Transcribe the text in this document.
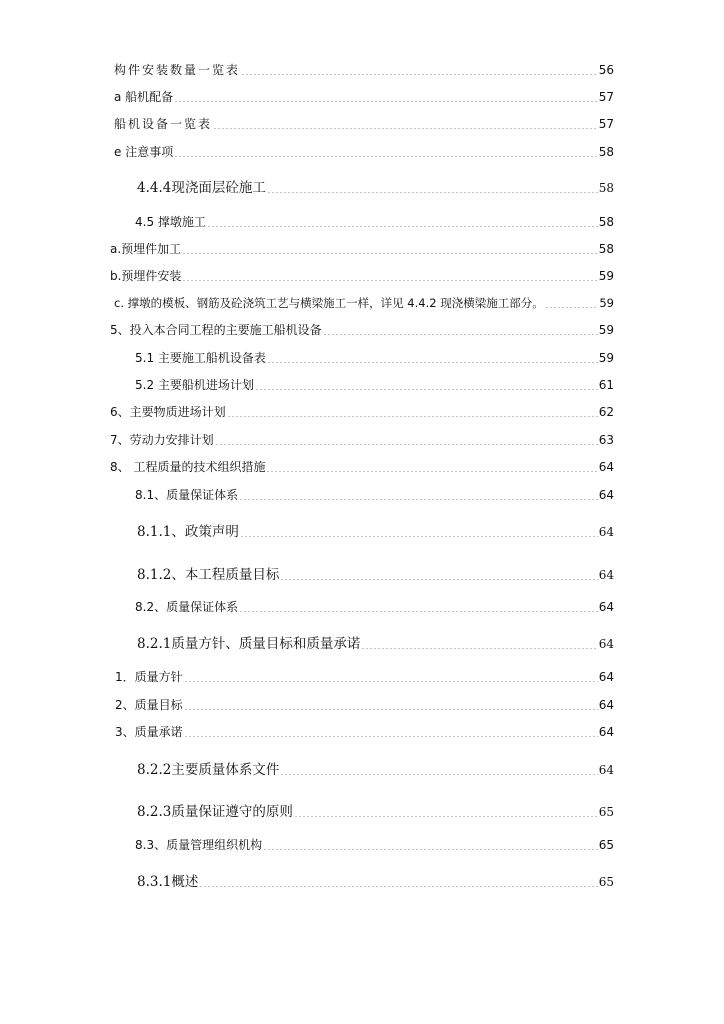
构件安装数量一览表	56
a 船机配备	57
船机设备一览表	57
e 注意事项	58
4.4.4 现浇面层砼施工	58
4.5 撑墩施工	58
a.预埋件加工	58
b.预埋件安装	59
c. 撑墩的模板、钢筋及砼浇筑工艺与横梁施工一样，详见 4.4.2 现浇横梁施工部分。	59
5、投入本合同工程的主要施工船机设备	59
5.1 主要施工船机设备表	59
5.2 主要船机进场计划	61
6、主要物质进场计划	62
7、劳动力安排计划	63
8、 工程质量的技术组织措施	64
8.1、质量保证体系	64
8.1.1、 政策声明	64
8.1.2、 本工程质量目标	64
8.2、质量保证体系	64
8.2.1 质量方针、质量目标和质量承诺	64
1．质量方针	64
2、质量目标	64
3、质量承诺	64
8.2.2 主要质量体系文件	64
8.2.3 质量保证遵守的原则	65
8.3、质量管理组织机构	65
8.3.1 概述	65
